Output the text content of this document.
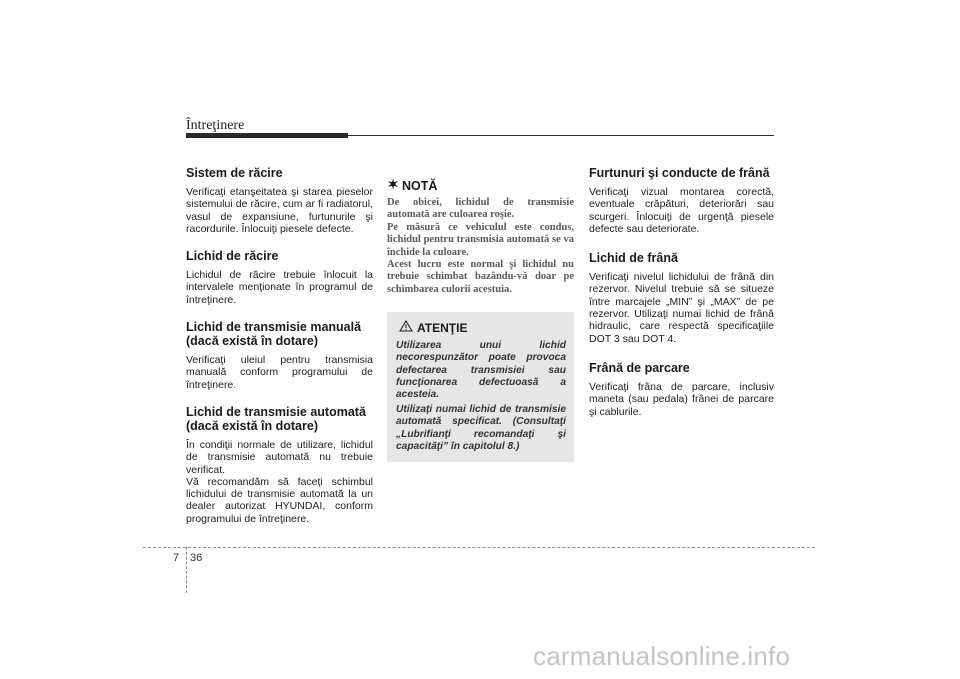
Întreţinere
Sistem de răcire

Verificaţi etanşeitatea şi starea pieselor sistemului de răcire, cum ar fi radiatorul, vasul de expansiune, furtunurile şi racordurile. Înlocuiţi piesele defecte.

Lichid de răcire

Lichidul de răcire trebuie înlocuit la intervalele menţionate în programul de întreţinere.

Lichid de transmisie manuală (dacă există în dotare)

Verificaţi uleiul pentru transmisia manuală conform programului de întreţinere.

Lichid de transmisie automată (dacă există în dotare)

În condiţii normale de utilizare, lichidul de transmisie automată nu trebuie verificat.

Vă recomandăm să faceţi schimbul lichidului de transmisie automată la un dealer autorizat HYUNDAI, conform programului de întreţinere.

NOTĂ
De obicei, lichidul de transmisie automată are culoarea roşie.
Pe măsură ce vehiculul este condus, lichidul pentru transmisia automată se va închide la culoare.
Acest lucru este normal şi lichidul nu trebuie schimbat bazându-vă doar pe schimbarea culorii acestuia.
ATENŢIE

Utilizarea unui lichid necorespunzător poate provoca defectarea transmisiei sau funcţionarea defectuoasă a acesteia.

Utilizaţi numai lichid de transmisie automată specificat. (Consultaţi „Lubrifianţi recomandaţi şi capacităţi” în capitolul 8.)

Furtunuri şi conducte de frână

Verificaţi vizual montarea corectă, eventuale crăpături, deteriorări sau scurgeri. Înlocuiţi de urgenţă piesele defecte sau deteriorate.

Lichid de frână

Verificaţi nivelul lichidului de frână din rezervor. Nivelul trebuie să se situeze între marcajele „MIN” şi „MAX” de pe rezervor. Utilizaţi numai lichid de frână hidraulic, care respectă specificaţiile DOT 3 sau DOT 4.

Frână de parcare

Verificaţi frâna de parcare, inclusiv maneta (sau pedala) frânei de parcare şi cablurile.

7 36
carmanualsonline.info
